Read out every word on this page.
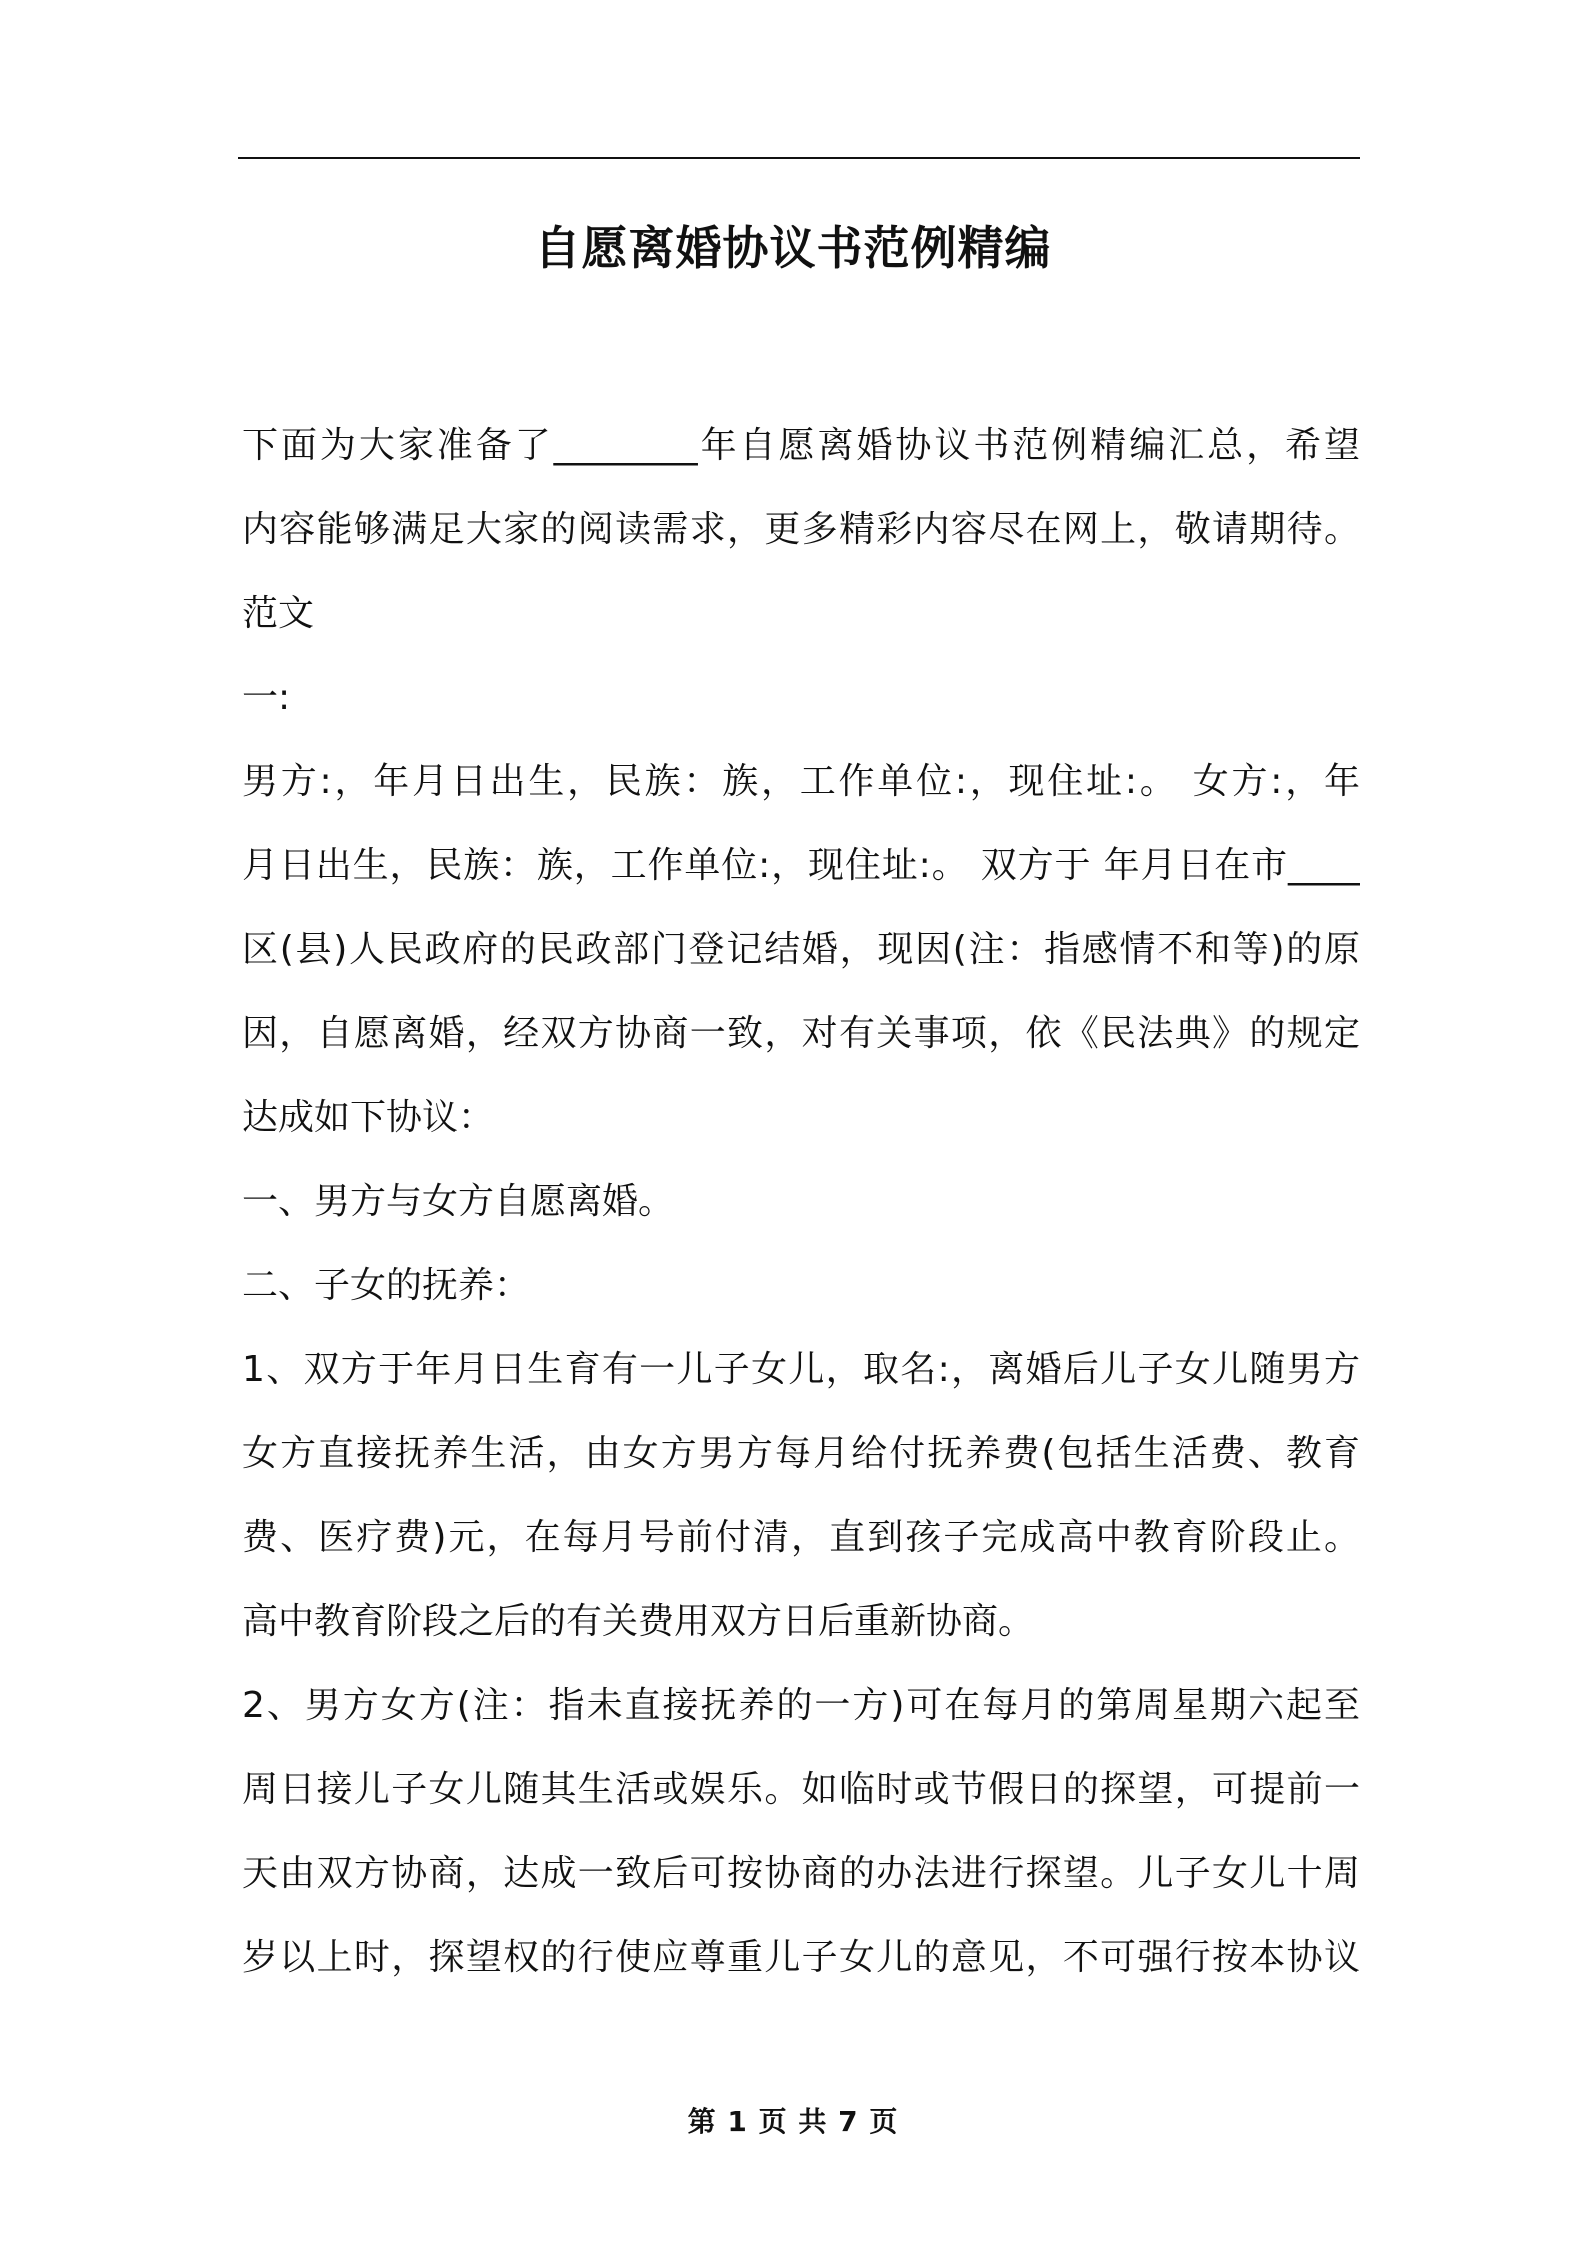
自愿离婚协议书范例精编
下面为大家准备了________年自愿离婚协议书范例精编汇总，希望
内容能够满足大家的阅读需求，更多精彩内容尽在网上，敬请期待。
范文
一:
男方:，年月日出生，民族：族，工作单位:，现住址:。 女方:，年
月日出生，民族：族，工作单位:，现住址:。 双方于 年月日在市____
区(县)人民政府的民政部门登记结婚，现因(注：指感情不和等)的原
因，自愿离婚，经双方协商一致，对有关事项，依《民法典》的规定
达成如下协议：
一、男方与女方自愿离婚。
二、子女的抚养：
1、双方于年月日生育有一儿子女儿，取名:，离婚后儿子女儿随男方
女方直接抚养生活，由女方男方每月给付抚养费(包括生活费、教育
费、医疗费)元，在每月号前付清，直到孩子完成高中教育阶段止。
高中教育阶段之后的有关费用双方日后重新协商。
2、男方女方(注：指未直接抚养的一方)可在每月的第周星期六起至
周日接儿子女儿随其生活或娱乐。如临时或节假日的探望，可提前一
天由双方协商，达成一致后可按协商的办法进行探望。儿子女儿十周
岁以上时，探望权的行使应尊重儿子女儿的意见，不可强行按本协议
第 1 页 共 7 页
